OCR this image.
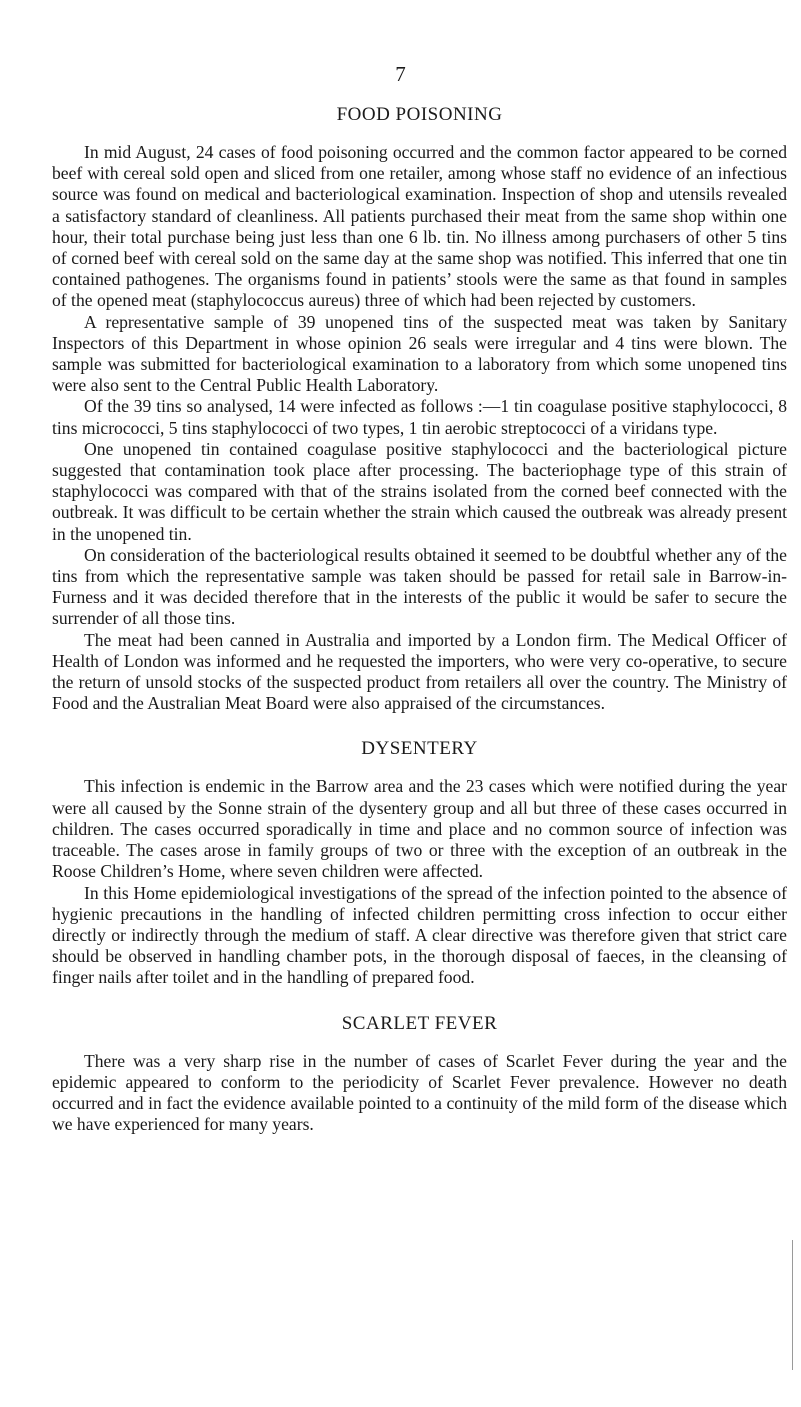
7
FOOD POISONING

In mid August, 24 cases of food poisoning occurred and the common factor appeared to be corned beef with cereal sold open and sliced from one retailer, among whose staff no evidence of an infectious source was found on medical and bacteriological examination. Inspection of shop and utensils revealed a satisfactory standard of cleanliness. All patients purchased their meat from the same shop within one hour, their total purchase being just less than one 6 lb. tin. No illness among purchasers of other 5 tins of corned beef with cereal sold on the same day at the same shop was notified. This inferred that one tin contained pathogenes. The organisms found in patients’ stools were the same as that found in samples of the opened meat (staphylococcus aureus) three of which had been rejected by customers.

A representative sample of 39 unopened tins of the suspected meat was taken by Sanitary Inspectors of this Department in whose opinion 26 seals were irregular and 4 tins were blown. The sample was submitted for bacteriological examination to a laboratory from which some unopened tins were also sent to the Central Public Health Laboratory.

Of the 39 tins so analysed, 14 were infected as follows :—1 tin coagulase positive staphylococci, 8 tins micrococci, 5 tins staphylococci of two types, 1 tin aerobic streptococci of a viridans type.

One unopened tin contained coagulase positive staphylococci and the bacteriological picture suggested that contamination took place after processing. The bacteriophage type of this strain of staphylococci was compared with that of the strains isolated from the corned beef connected with the outbreak. It was difficult to be certain whether the strain which caused the outbreak was already present in the unopened tin.

On consideration of the bacteriological results obtained it seemed to be doubtful whether any of the tins from which the representative sample was taken should be passed for retail sale in Barrow-in-Furness and it was decided therefore that in the interests of the public it would be safer to secure the surrender of all those tins.

The meat had been canned in Australia and imported by a London firm. The Medical Officer of Health of London was informed and he requested the importers, who were very co-operative, to secure the return of unsold stocks of the suspected product from retailers all over the country. The Ministry of Food and the Australian Meat Board were also appraised of the circumstances.

DYSENTERY

This infection is endemic in the Barrow area and the 23 cases which were notified during the year were all caused by the Sonne strain of the dysentery group and all but three of these cases occurred in children. The cases occurred sporadically in time and place and no common source of infection was traceable. The cases arose in family groups of two or three with the exception of an outbreak in the Roose Children’s Home, where seven children were affected.

In this Home epidemiological investigations of the spread of the infection pointed to the absence of hygienic precautions in the handling of infected children permitting cross infection to occur either directly or indirectly through the medium of staff. A clear directive was therefore given that strict care should be observed in handling chamber pots, in the thorough disposal of faeces, in the cleansing of finger nails after toilet and in the handling of prepared food.

SCARLET FEVER

There was a very sharp rise in the number of cases of Scarlet Fever during the year and the epidemic appeared to conform to the periodicity of Scarlet Fever prevalence. However no death occurred and in fact the evidence available pointed to a continuity of the mild form of the disease which we have experienced for many years.
